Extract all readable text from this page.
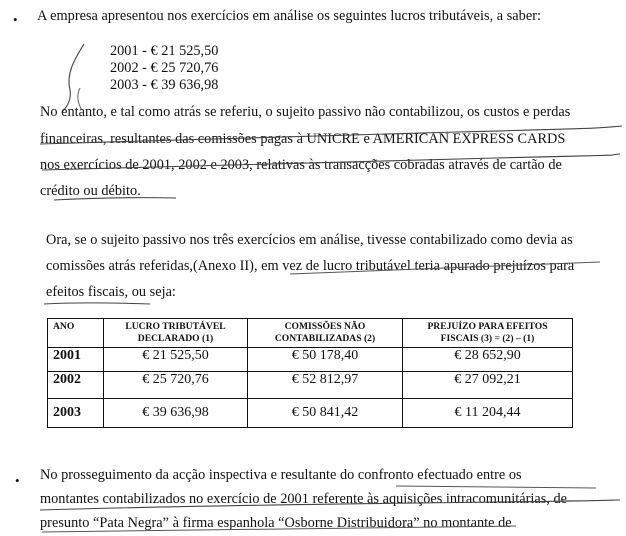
• A empresa apresentou nos exercícios em análise os seguintes lucros tributáveis, a saber:
2001 - € 21 525,50
2002 - € 25 720,76
2003 - € 39 636,98
No entanto, e tal como atrás se referiu, o sujeito passivo não contabilizou, os custos e perdas
financeiras, resultantes das comissões pagas à UNICRE e AMERICAN EXPRESS CARDS
nos exercícios de 2001, 2002 e 2003, relativas às transacções cobradas através de cartão de
crédito ou débito.
Ora, se o sujeito passivo nos três exercícios em análise, tivesse contabilizado como devia as
comissões atrás referidas,(Anexo II), em vez de lucro tributável teria apurado prejuízos para
efeitos fiscais, ou seja:
ANO	LUCRO TRIBUTÁVEL DECLARADO (1)	COMISSÕES NÃO CONTABILIZADAS (2)	PREJUÍZO PARA EFEITOS FISCAIS (3) = (2) – (1)
2001	€ 21 525,50	€ 50 178,40	€ 28 652,90
2002	€ 25 720,76	€ 52 812,97	€ 27 092,21
2003	€ 39 636,98	€ 50 841,42	€ 11 204,44
• No prosseguimento da acção inspectiva e resultante do confronto efectuado entre os
montantes contabilizados no exercício de 2001 referente às aquisições intracomunitárias, de
presunto “Pata Negra” à firma espanhola “Osborne Distribuidora” no montante de
